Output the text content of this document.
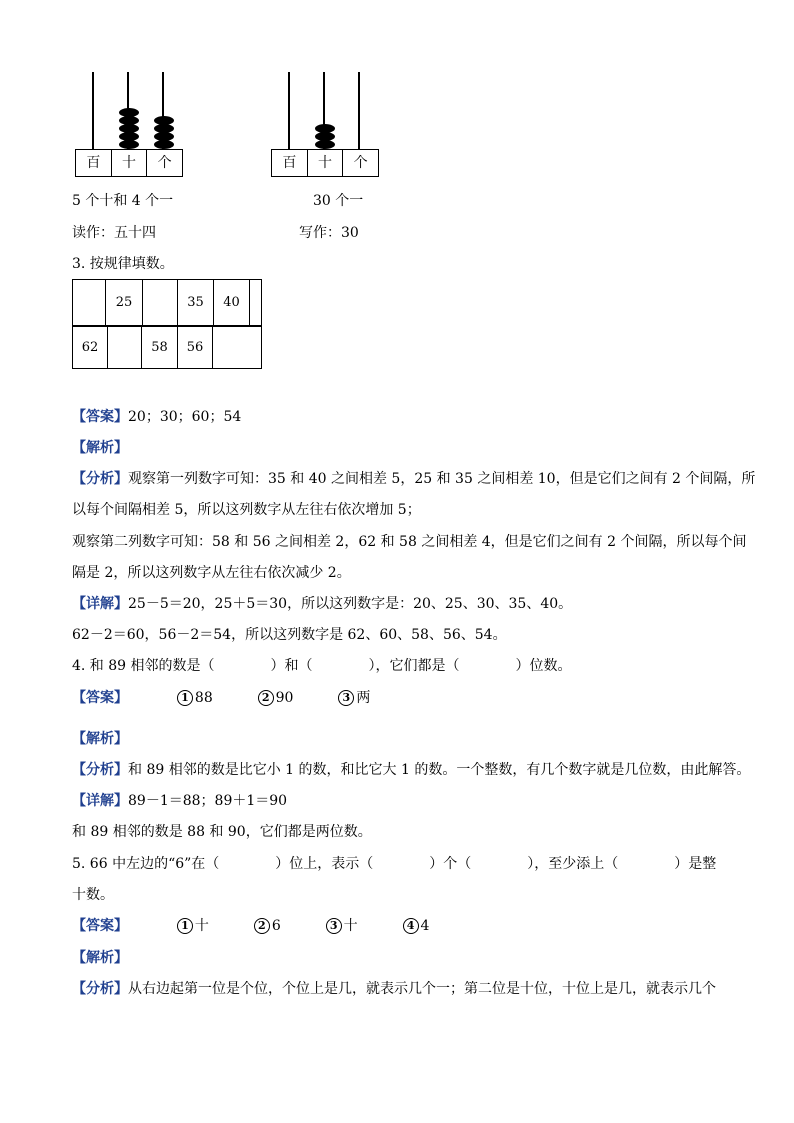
百	十	个	百	十	个
5 个十和 4 个一	30 个一
读作：五十四	写作：30
3. 按规律填数。
	25		35	40	
62		58	56	
【答案】20；30；60；54
【解析】
【分析】观察第一列数字可知：35 和 40 之间相差 5，25 和 35 之间相差 10，但是它们之间有 2 个间隔，所
以每个间隔相差 5，所以这列数字从左往右依次增加 5；
观察第二列数字可知：58 和 56 之间相差 2，62 和 58 之间相差 4，但是它们之间有 2 个间隔，所以每个间
隔是 2，所以这列数字从左往右依次减少 2。
【详解】25－5＝20，25＋5＝30，所以这列数字是：20、25、30、35、40。
62－2＝60，56－2＝54，所以这列数字是 62、60、58、56、54。
4. 和 89 相邻的数是（　　　　）和（　　　　），它们都是（　　　　）位数。
【答案】	1 88	2 90	3 两
【解析】
【分析】和 89 相邻的数是比它小 1 的数，和比它大 1 的数。一个整数，有几个数字就是几位数，由此解答。
【详解】89－1＝88；89＋1＝90
和 89 相邻的数是 88 和 90，它们都是两位数。
5. 66 中左边的“6”在（　　　　）位上，表示（　　　　）个（　　　　），至少添上（　　　　）是整
十数。
【答案】	1 十	2 6	3 十	4 4
【解析】
【分析】从右边起第一位是个位，个位上是几，就表示几个一；第二位是十位，十位上是几，就表示几个
